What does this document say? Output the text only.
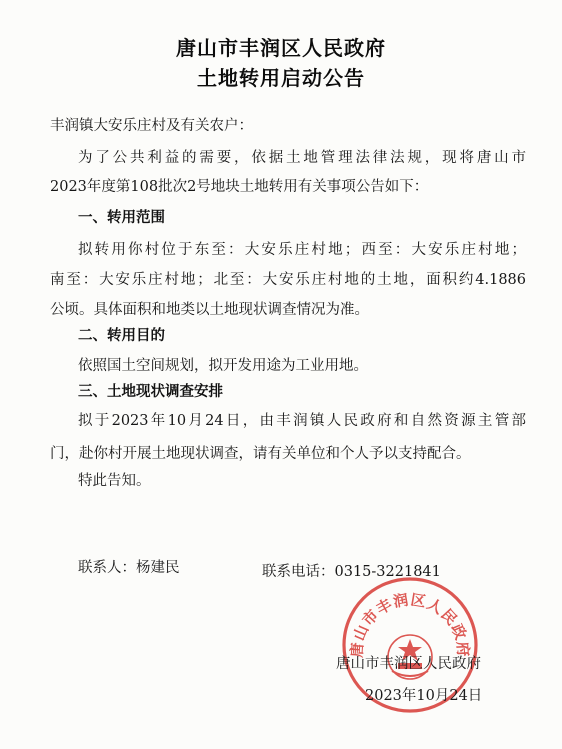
唐山市丰润区人民政府
土地转用启动公告
丰润镇大安乐庄村及有关农户：
为了公共利益的需要，依据土地管理法律法规，现将唐山市
2023年度第108批次2号地块土地转用有关事项公告如下：
一、转用范围
拟转用你村位于东至：大安乐庄村地；西至：大安乐庄村地；
南至：大安乐庄村地；北至：大安乐庄村地的土地，面积约4.1886
公顷。具体面积和地类以土地现状调查情况为准。
二、转用目的
依照国土空间规划，拟开发用途为工业用地。
三、土地现状调查安排
拟于2023年10月24日，由丰润镇人民政府和自然资源主管部
门，赴你村开展土地现状调查，请有关单位和个人予以支持配合。
特此告知。
联系人：杨建民	联系电话：0315-3221841
唐山市丰润区人民政府
唐山市丰润区人民政府
2023年10月24日
